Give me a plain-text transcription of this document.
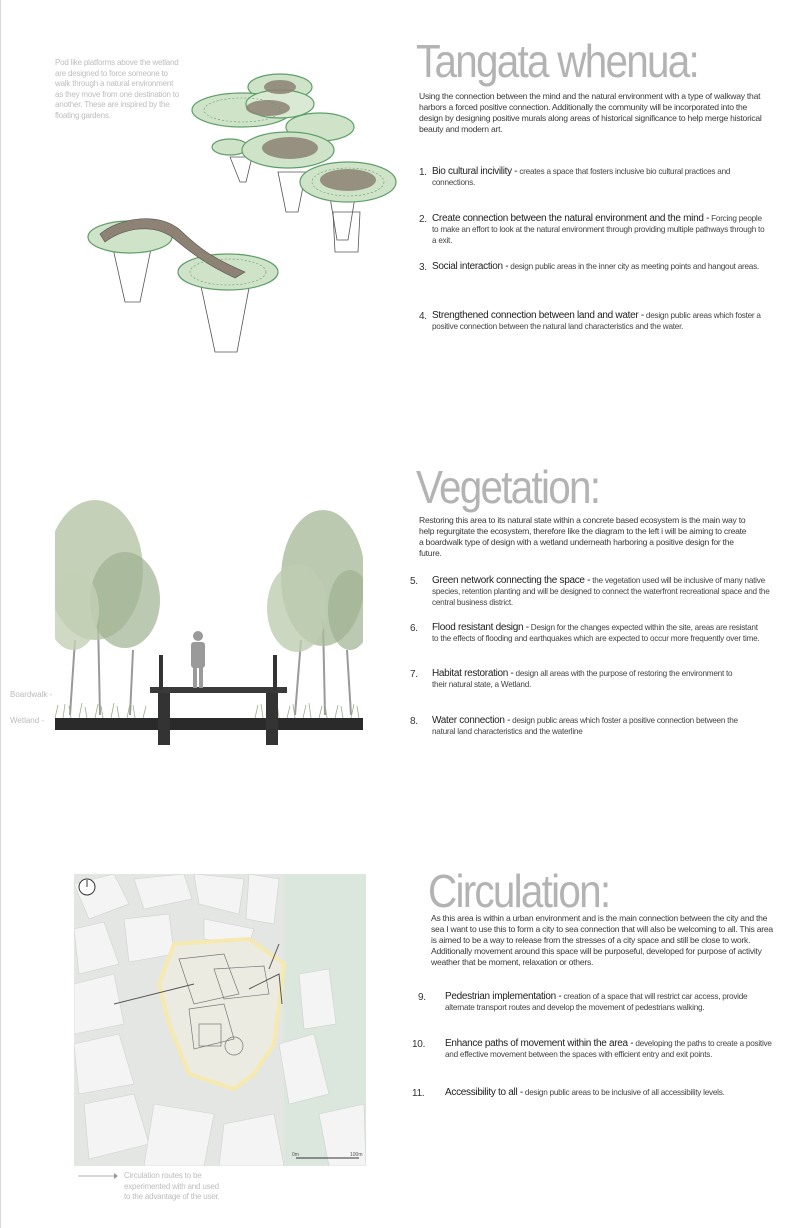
Pod like platforms above the wetland are designed to force someone to walk through a natural environment as they move from one destination to another. These are inspired by the floating gardens.
Tangata whenua:
Using the connection between the mind and the natural environment with a type of walkway that harbors a forced positive connection. Additionally the community will be incorporated into the design by designing positive murals along areas of historical significance to help merge historical beauty and modern art.
1. Bio cultural incivility - creates a space that fosters inclusive bio cultural practices and connections.
2. Create connection between the natural environment and the mind - Forcing people to make an effort to look at the natural environment through providing multiple pathways through to a exit.
3. Social interaction - design public areas in the inner city as meeting points and hangout areas.
4. Strengthened connection between land and water - design public areas which foster a positive connection between the natural land characteristics and the water.
Boardwalk -
Wetland -
Vegetation:
Restoring this area to its natural state within a concrete based ecosystem is the main way to help regurgitate the ecosystem, therefore like the diagram to the left i will be aiming to create a boardwalk type of design with a wetland underneath harboring a positive design for the future.
5.	Green network connecting the space - the vegetation used will be inclusive of many native species, retention planting and will be designed to connect the waterfront recreational space and the central business district.
6.	Flood resistant design - Design for the changes expected within the site, areas are resistant to the effects of flooding and earthquakes which are expected to occur more frequently over time.
7.	Habitat restoration - design all areas with the purpose of restoring the environment to their natural state, a Wetland.
8.	Water connection - design public areas which foster a positive connection between the natural land characteristics and the waterline
0m	100m
Circulation routes to be experimented with and used to the advantage of the user.
Circulation:
As this area is within a urban environment and is the main connection between the city and the sea I want to use this to form a city to sea connection that will also be welcoming to all. This area is aimed to be a way to release from the stresses of a city space and still be close to work. Additionally movement around this space will be purposeful, developed for purpose of activity weather that be moment, relaxation or others.
9.	Pedestrian implementation - creation of a space that will restrict car access, provide alternate transport routes and develop the movement of pedestrians walking.
10.	Enhance paths of movement within the area - developing the paths to create a positive and effective movement between the spaces with efficient entry and exit points.
11.	Accessibility to all - design public areas to be inclusive of all accessibility levels.
